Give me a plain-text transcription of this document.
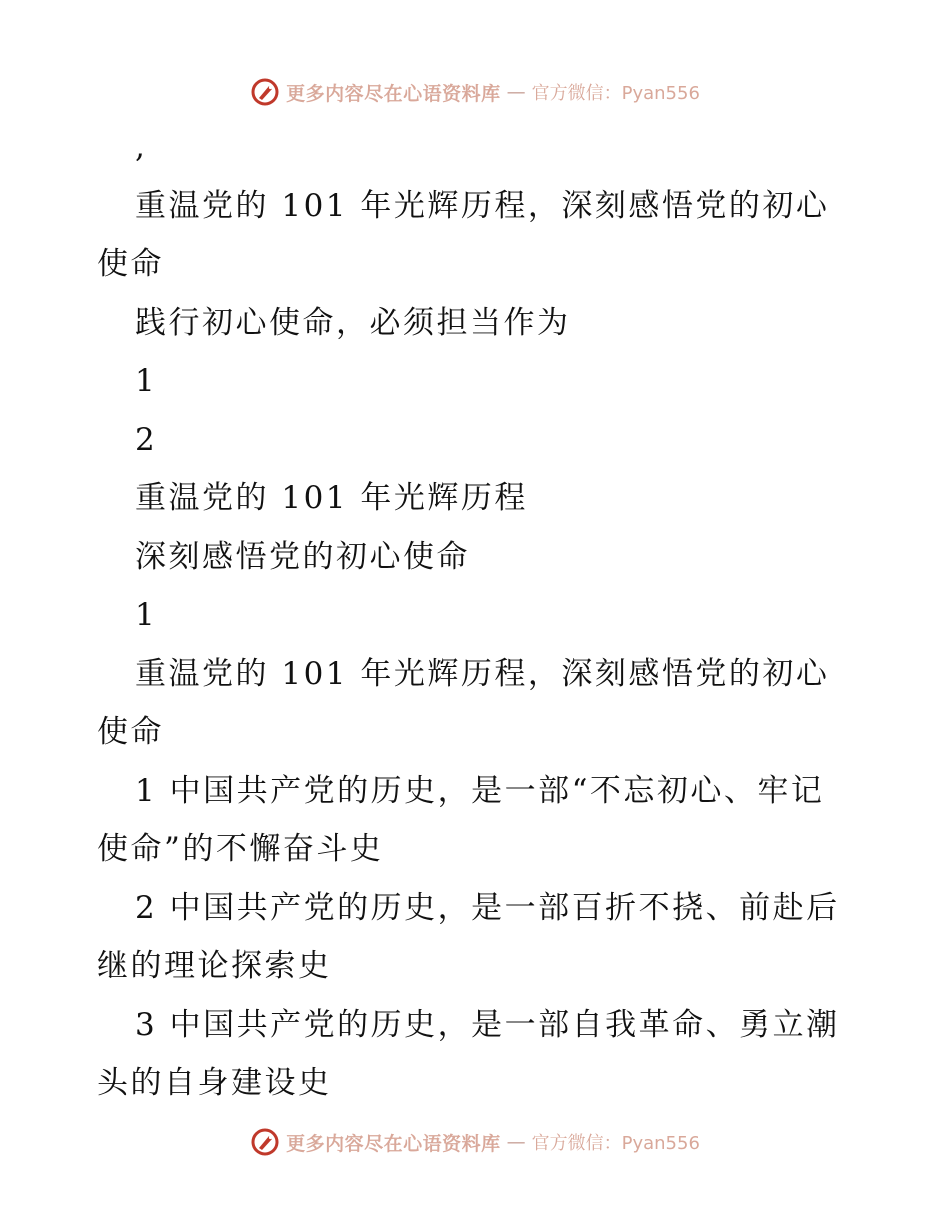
更多内容尽在心语资料库 — 官方微信：Pyan556
,
重温党的 101 年光辉历程，深刻感悟党的初心
使命
践行初心使命，必须担当作为
1
2
重温党的 101 年光辉历程
深刻感悟党的初心使命
1
重温党的 101 年光辉历程，深刻感悟党的初心
使命
1 中国共产党的历史，是一部“不忘初心、牢记
使命”的不懈奋斗史
2 中国共产党的历史，是一部百折不挠、前赴后
继的理论探索史
3 中国共产党的历史，是一部自我革命、勇立潮
头的自身建设史
更多内容尽在心语资料库 — 官方微信：Pyan556
